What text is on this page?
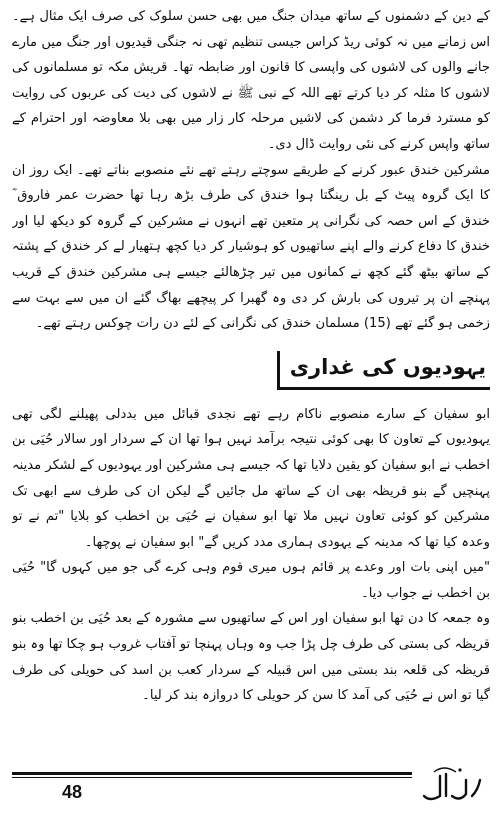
کے دین کے دشمنوں کے ساتھ میدان جنگ میں بھی حسن سلوک کی صرف ایک مثال ہے۔ اس زمانے میں نہ کوئی ریڈ کراس جیسی تنظیم تھی نہ جنگی قیدیوں اور جنگ میں مارے جانے والوں کی لاشوں کی واپسی کا قانون اور ضابطہ تھا۔ قریش مکہ تو مسلمانوں کی لاشوں کا مثلہ کر دیا کرتے تھے اللہ کے نبی ﷺ نے لاشوں کی دیت کی عربوں کی روایت کو مسترد فرما کر دشمن کی لاشیں مرحلہ کار زار میں بھی بلا معاوضہ اور احترام کے ساتھ واپس کرنے کی نئی روایت ڈال دی۔

مشرکین خندق عبور کرنے کے طریقے سوچتے رہتے تھے نئے منصوبے بناتے تھے۔ ایک روز ان کا ایک گروہ پیٹ کے بل رینگتا ہوا خندق کی طرف بڑھ رہا تھا حضرت عمر فاروق ؓ خندق کے اس حصہ کی نگرانی پر متعین تھے انہوں نے مشرکین کے گروہ کو دیکھ لیا اور خندق کا دفاع کرنے والے اپنے ساتھیوں کو ہوشیار کر دیا کچھ ہتھیار لے کر خندق کے پشتہ کے ساتھ بیٹھ گئے کچھ نے کمانوں میں تیر چڑھالئے جیسے ہی مشرکین خندق کے قریب پہنچے ان پر تیروں کی بارش کر دی وہ گھبرا کر پیچھے بھاگ گئے ان میں سے بہت سے زخمی ہو گئے تھے (15) مسلمان خندق کی نگرانی کے لئے دن رات چوکس رہتے تھے۔

یہودیوں کی غداری

ابو سفیان کے سارے منصوبے ناکام رہے تھے نجدی قبائل میں بددلی پھیلنے لگی تھی یہودیوں کے تعاون کا بھی کوئی نتیجہ برآمد نہیں ہوا تھا ان کے سردار اور سالار حُیَی بن اخطب نے ابو سفیان کو یقین دلایا تھا کہ جیسے ہی مشرکین اور یہودیوں کے لشکر مدینہ پہنچیں گے بنو قریظہ بھی ان کے ساتھ مل جائیں گے لیکن ان کی طرف سے ابھی تک مشرکین کو کوئی تعاون نہیں ملا تھا ابو سفیان نے حُیَی بن اخطب کو بلایا "تم نے تو وعدہ کیا تھا کہ مدینہ کے یہودی ہماری مدد کریں گے" ابو سفیان نے پوچھا۔

"میں اپنی بات اور وعدے پر قائم ہوں میری قوم وہی کرے گی جو میں کہوں گا" حُیَی بن اخطب نے جواب دیا۔

وہ جمعہ کا دن تھا ابو سفیان اور اس کے ساتھیوں سے مشورہ کے بعد حُیَی بن اخطب بنو قریظہ کی بستی کی طرف چل پڑا جب وہ وہاں پہنچا تو آفتاب غروب ہو چکا تھا وہ بنو قریظہ کی قلعہ بند بستی میں اس قبیلہ کے سردار کعب بن اسد کی حویلی کی طرف گیا تو اس نے حُیَی کی آمد کا سن کر حویلی کا دروازہ بند کر لیا۔

48
